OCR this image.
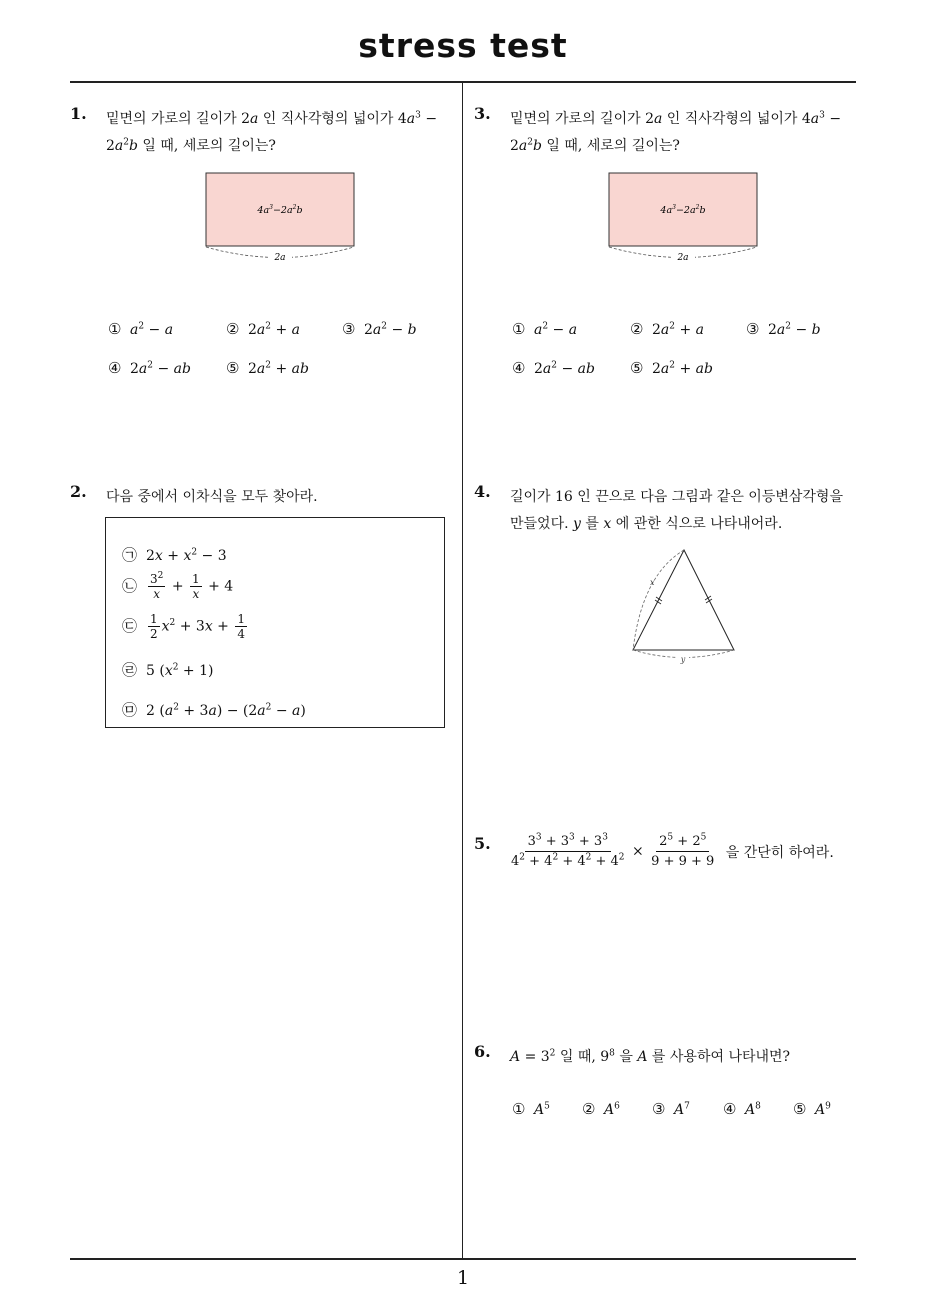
stress test
1
1. 밑면의 가로의 길이가 2a 인 직사각형의 넓이가 $4a^3 - 2a^2b$ 일 때, 세로의 길이는?
$4a^3-2a^2b$
2a
① $a^2 - a$	② $2a^2 + a$	③ $2a^2 - b$
④ $2a^2$ − ab ⑤ $2a^2$ + ab
2. 다음 중에서 이차식을 모두 찾아라.
㉠ $2x + x^2 - 3$
㉡ $\frac{3^2}{x} + \frac{1}{x} + 4$
㉢ $\frac{1}{2} x^2 + 3x + \frac{1}{4}$
㉣ 5 $(x^2 + 1)$
㉤ 2 $(a^2 + 3a) - (2a^2 - a)$
3. 밑면의 가로의 길이가 2a 인 직사각형의 넓이가 $4a^3 - 2a^2b$ 일 때, 세로의 길이는?
$4a^3-2a^2b$
2a
① $a^2 - a$	② $2a^2 + a$	③ $2a^2 - b$
④ $2a^2$ − ab ⑤ $2a^2$ + ab
4. 길이가 16 인 끈으로 다음 그림과 같은 이등변삼각형을 만들었다. y 를 x 에 관한 식으로 나타내어라.
x
y
5. $\frac{3^3 + 3^3 + 3^3}{4^2 + 4^2 + 4^2 + 4^2} \times \frac{2^5 + 2^5}{9 + 9 + 9}$ 을 간단히 하여라.
6. $A = 3^2$ 일 때, $9^8$ 을 A 를 사용하여 나타내면?
① $A^5$ ② $A^6$ ③ $A^7$ ④ $A^8$ ⑤ $A^9$
